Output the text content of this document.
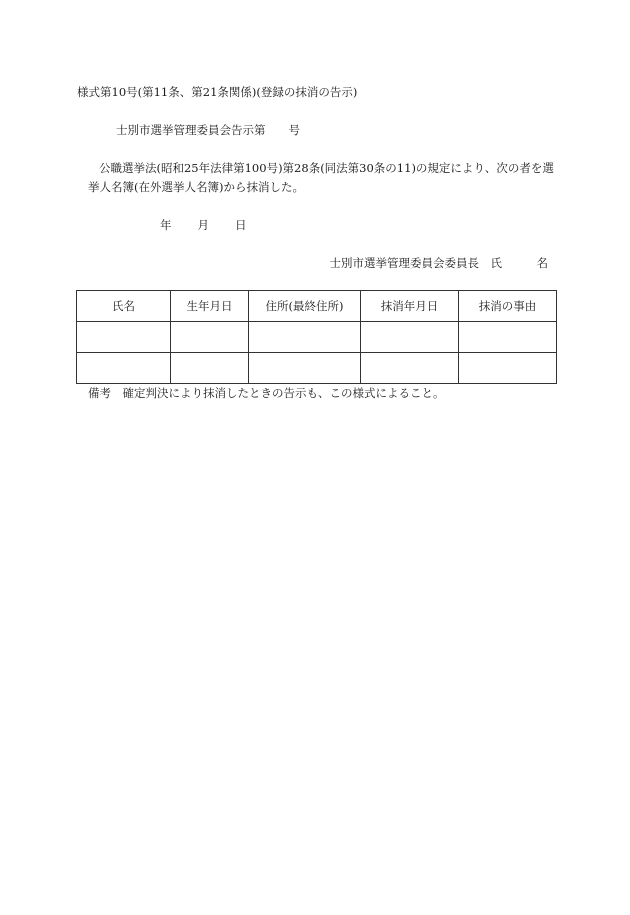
様式第10号(第11条、第21条関係)(登録の抹消の告示)
士別市選挙管理委員会告示第　　号
公職選挙法(昭和25年法律第100号)第28条(同法第30条の11)の規定により、次の者を選
挙人名簿(在外選挙人名簿)から抹消した。
年 月 日
士別市選挙管理委員会委員長　氏　　　名
氏名	生年月日	住所(最終住所)	抹消年月日	抹消の事由

備考　確定判決により抹消したときの告示も、この様式によること。
